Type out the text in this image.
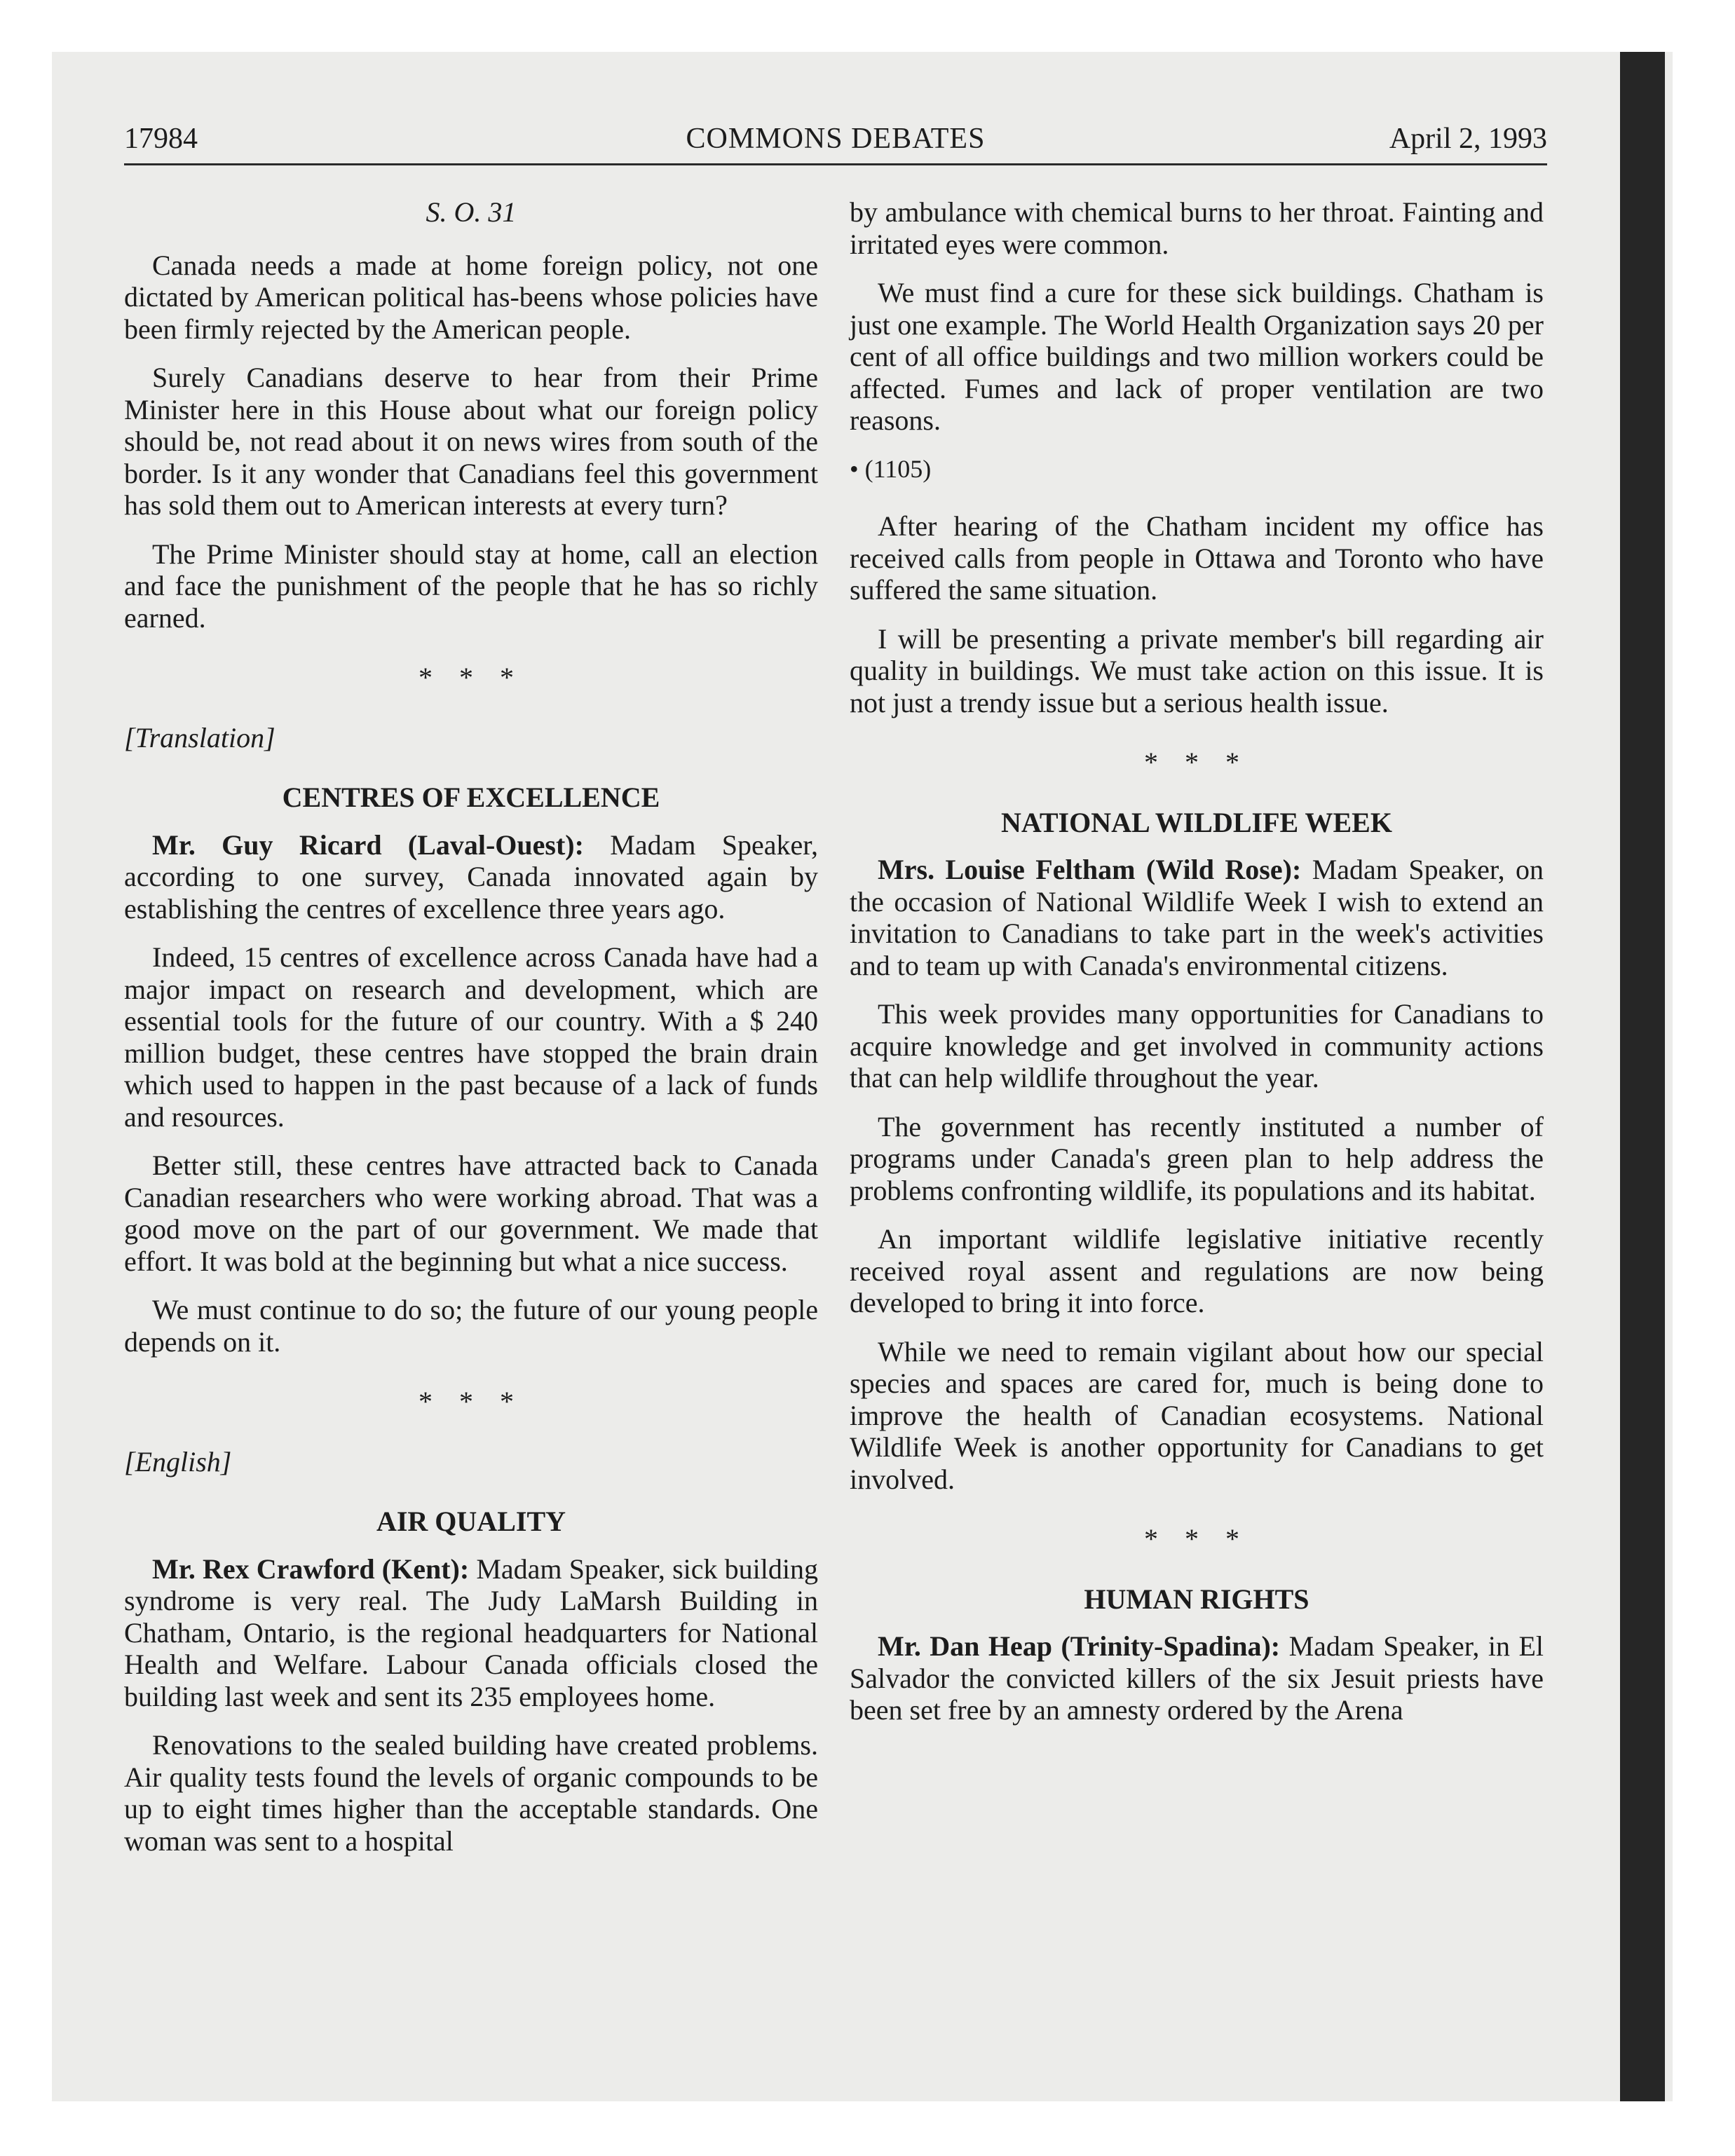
17984	COMMONS DEBATES	April 2, 1993

S. O. 31

Canada needs a made at home foreign policy, not one dictated by American political has-beens whose policies have been firmly rejected by the American people.

Surely Canadians deserve to hear from their Prime Minister here in this House about what our foreign policy should be, not read about it on news wires from south of the border. Is it any wonder that Canadians feel this government has sold them out to American interests at every turn?

The Prime Minister should stay at home, call an election and face the punishment of the people that he has so richly earned.

* * *

[Translation]

CENTRES OF EXCELLENCE

Mr. Guy Ricard (Laval-Ouest): Madam Speaker, according to one survey, Canada innovated again by establishing the centres of excellence three years ago.

Indeed, 15 centres of excellence across Canada have had a major impact on research and development, which are essential tools for the future of our country. With a $ 240 million budget, these centres have stopped the brain drain which used to happen in the past because of a lack of funds and resources.

Better still, these centres have attracted back to Canada Canadian researchers who were working abroad. That was a good move on the part of our government. We made that effort. It was bold at the beginning but what a nice success.

We must continue to do so; the future of our young people depends on it.

* * *

[English]

AIR QUALITY

Mr. Rex Crawford (Kent): Madam Speaker, sick building syndrome is very real. The Judy LaMarsh Building in Chatham, Ontario, is the regional headquarters for National Health and Welfare. Labour Canada officials closed the building last week and sent its 235 employees home.

Renovations to the sealed building have created problems. Air quality tests found the levels of organic compounds to be up to eight times higher than the acceptable standards. One woman was sent to a hospital

by ambulance with chemical burns to her throat. Fainting and irritated eyes were common.

We must find a cure for these sick buildings. Chatham is just one example. The World Health Organization says 20 per cent of all office buildings and two million workers could be affected. Fumes and lack of proper ventilation are two reasons.

• (1105)

After hearing of the Chatham incident my office has received calls from people in Ottawa and Toronto who have suffered the same situation.

I will be presenting a private member's bill regarding air quality in buildings. We must take action on this issue. It is not just a trendy issue but a serious health issue.

* * *

NATIONAL WILDLIFE WEEK

Mrs. Louise Feltham (Wild Rose): Madam Speaker, on the occasion of National Wildlife Week I wish to extend an invitation to Canadians to take part in the week's activities and to team up with Canada's environmental citizens.

This week provides many opportunities for Canadians to acquire knowledge and get involved in community actions that can help wildlife throughout the year.

The government has recently instituted a number of programs under Canada's green plan to help address the problems confronting wildlife, its populations and its habitat.

An important wildlife legislative initiative recently received royal assent and regulations are now being developed to bring it into force.

While we need to remain vigilant about how our special species and spaces are cared for, much is being done to improve the health of Canadian ecosystems. National Wildlife Week is another opportunity for Canadians to get involved.

* * *

HUMAN RIGHTS

Mr. Dan Heap (Trinity-Spadina): Madam Speaker, in El Salvador the convicted killers of the six Jesuit priests have been set free by an amnesty ordered by the Arena
